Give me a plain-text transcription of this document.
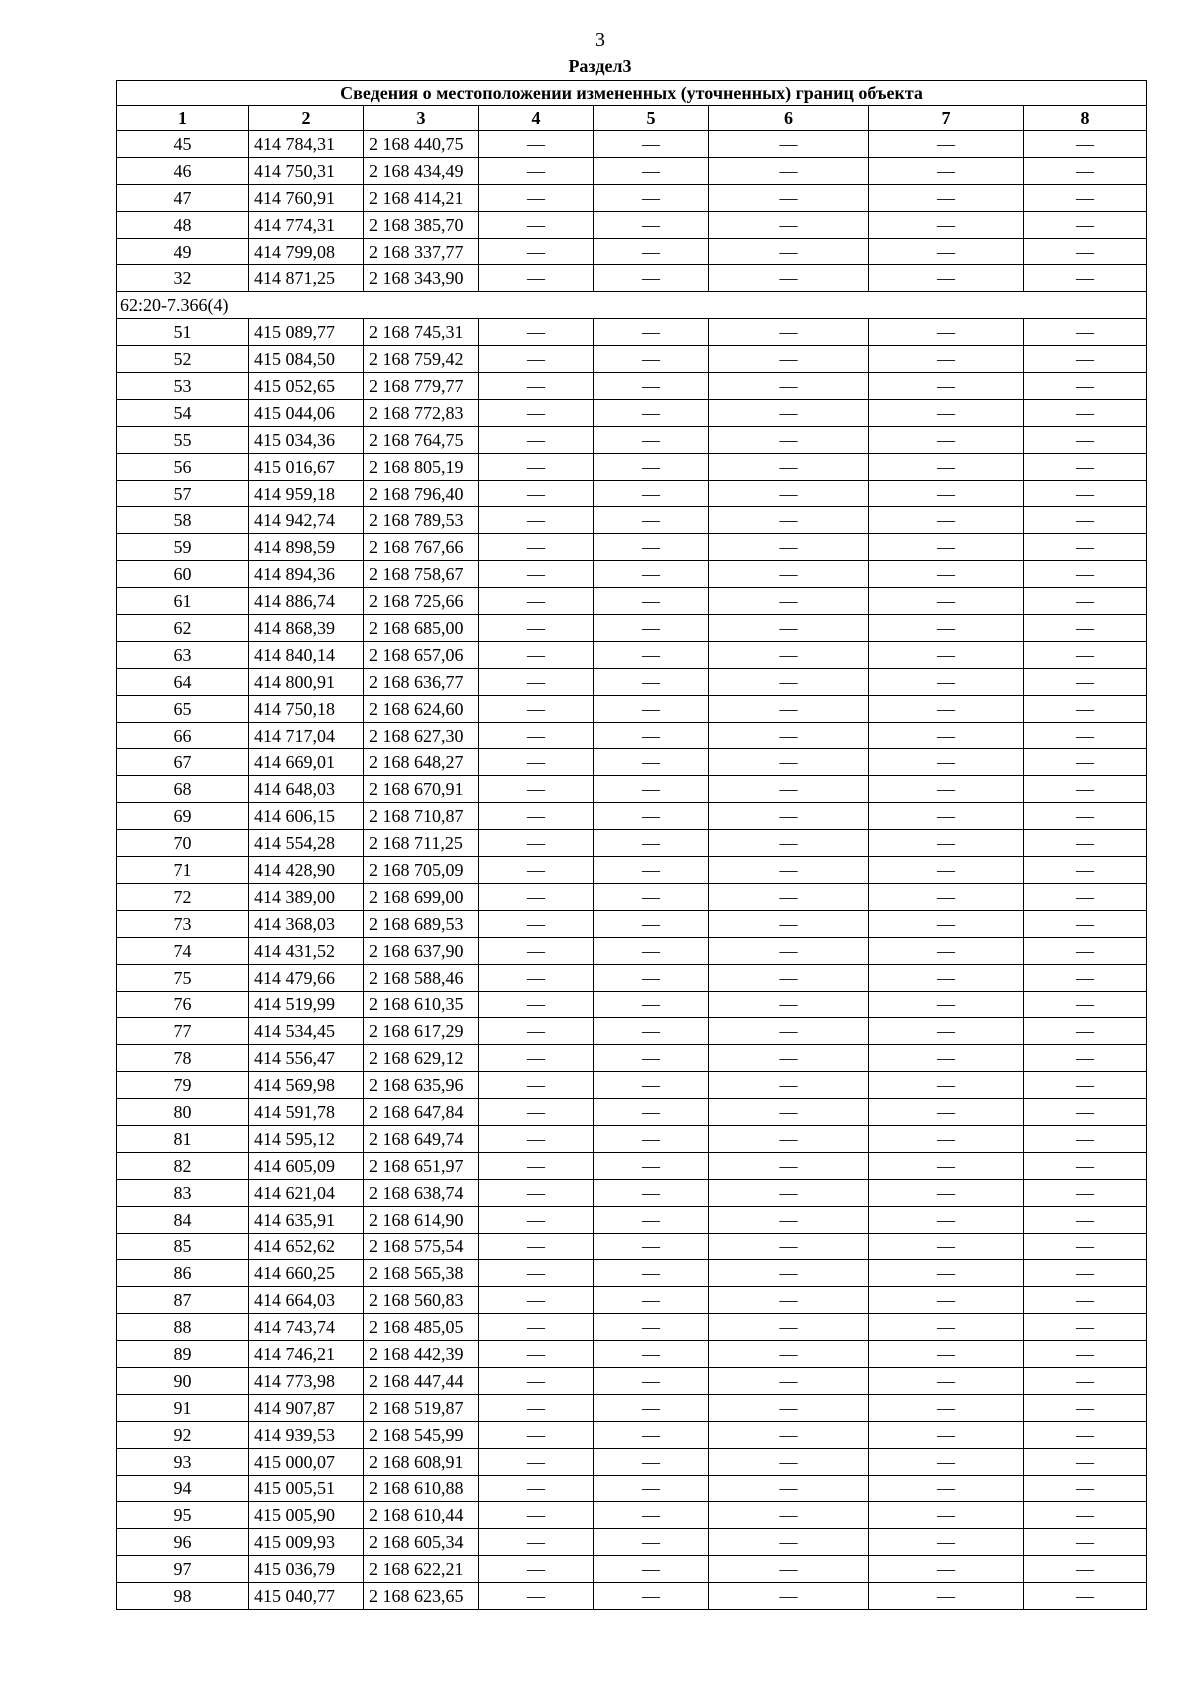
3
Раздел3
Сведения о местоположении измененных (уточненных) границ объекта							
1	2	3	4	5	6	7	8
45	414 784,31	2 168 440,75	—	—	—	—	—
46	414 750,31	2 168 434,49	—	—	—	—	—
47	414 760,91	2 168 414,21	—	—	—	—	—
48	414 774,31	2 168 385,70	—	—	—	—	—
49	414 799,08	2 168 337,77	—	—	—	—	—
32	414 871,25	2 168 343,90	—	—	—	—	—
62:20-7.366(4)							
51	415 089,77	2 168 745,31	—	—	—	—	—
52	415 084,50	2 168 759,42	—	—	—	—	—
53	415 052,65	2 168 779,77	—	—	—	—	—
54	415 044,06	2 168 772,83	—	—	—	—	—
55	415 034,36	2 168 764,75	—	—	—	—	—
56	415 016,67	2 168 805,19	—	—	—	—	—
57	414 959,18	2 168 796,40	—	—	—	—	—
58	414 942,74	2 168 789,53	—	—	—	—	—
59	414 898,59	2 168 767,66	—	—	—	—	—
60	414 894,36	2 168 758,67	—	—	—	—	—
61	414 886,74	2 168 725,66	—	—	—	—	—
62	414 868,39	2 168 685,00	—	—	—	—	—
63	414 840,14	2 168 657,06	—	—	—	—	—
64	414 800,91	2 168 636,77	—	—	—	—	—
65	414 750,18	2 168 624,60	—	—	—	—	—
66	414 717,04	2 168 627,30	—	—	—	—	—
67	414 669,01	2 168 648,27	—	—	—	—	—
68	414 648,03	2 168 670,91	—	—	—	—	—
69	414 606,15	2 168 710,87	—	—	—	—	—
70	414 554,28	2 168 711,25	—	—	—	—	—
71	414 428,90	2 168 705,09	—	—	—	—	—
72	414 389,00	2 168 699,00	—	—	—	—	—
73	414 368,03	2 168 689,53	—	—	—	—	—
74	414 431,52	2 168 637,90	—	—	—	—	—
75	414 479,66	2 168 588,46	—	—	—	—	—
76	414 519,99	2 168 610,35	—	—	—	—	—
77	414 534,45	2 168 617,29	—	—	—	—	—
78	414 556,47	2 168 629,12	—	—	—	—	—
79	414 569,98	2 168 635,96	—	—	—	—	—
80	414 591,78	2 168 647,84	—	—	—	—	—
81	414 595,12	2 168 649,74	—	—	—	—	—
82	414 605,09	2 168 651,97	—	—	—	—	—
83	414 621,04	2 168 638,74	—	—	—	—	—
84	414 635,91	2 168 614,90	—	—	—	—	—
85	414 652,62	2 168 575,54	—	—	—	—	—
86	414 660,25	2 168 565,38	—	—	—	—	—
87	414 664,03	2 168 560,83	—	—	—	—	—
88	414 743,74	2 168 485,05	—	—	—	—	—
89	414 746,21	2 168 442,39	—	—	—	—	—
90	414 773,98	2 168 447,44	—	—	—	—	—
91	414 907,87	2 168 519,87	—	—	—	—	—
92	414 939,53	2 168 545,99	—	—	—	—	—
93	415 000,07	2 168 608,91	—	—	—	—	—
94	415 005,51	2 168 610,88	—	—	—	—	—
95	415 005,90	2 168 610,44	—	—	—	—	—
96	415 009,93	2 168 605,34	—	—	—	—	—
97	415 036,79	2 168 622,21	—	—	—	—	—
98	415 040,77	2 168 623,65	—	—	—	—	—
